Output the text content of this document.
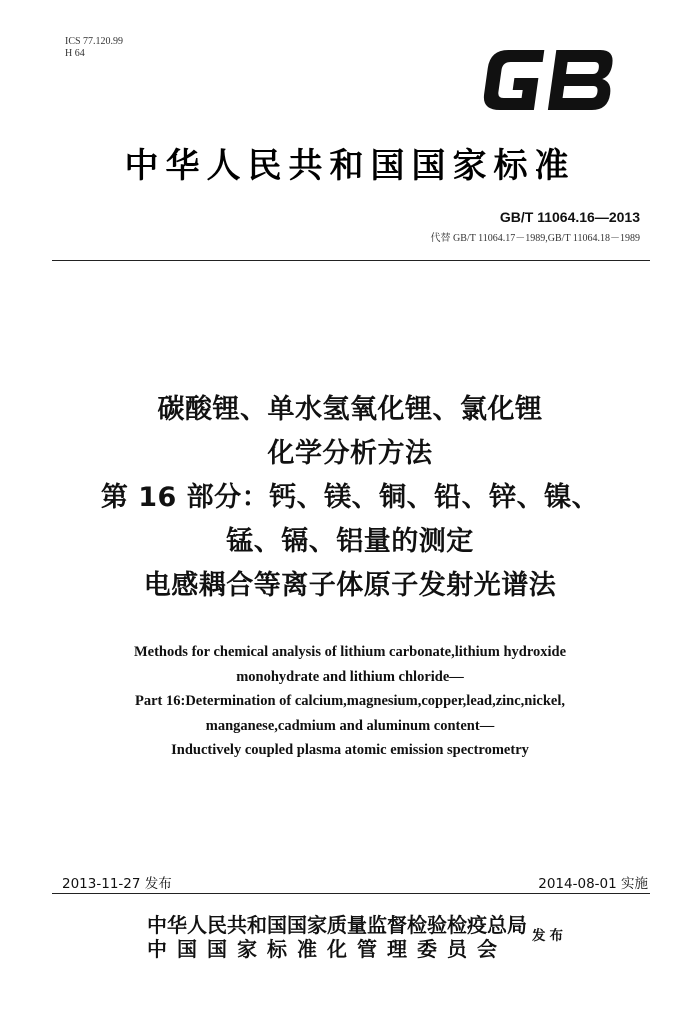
ICS 77.120.99
H 64
中华人民共和国国家标准
GB/T 11064.16—2013
代替 GB/T 11064.17－1989,GB/T 11064.18－1989
碳酸锂、单水氢氧化锂、氯化锂
化学分析方法
第 16 部分：钙、镁、铜、铅、锌、镍、
锰、镉、铝量的测定
电感耦合等离子体原子发射光谱法
Methods for chemical analysis of lithium carbonate,lithium hydroxide
monohydrate and lithium chloride—
Part 16:Determination of calcium,magnesium,copper,lead,zinc,nickel,
manganese,cadmium and aluminum content—
Inductively coupled plasma atomic emission spectrometry
2013-11-27 发布	2014-08-01 实施
中华人民共和国国家质量监督检验检疫总局
中国国家标准化管理委员会
发布
